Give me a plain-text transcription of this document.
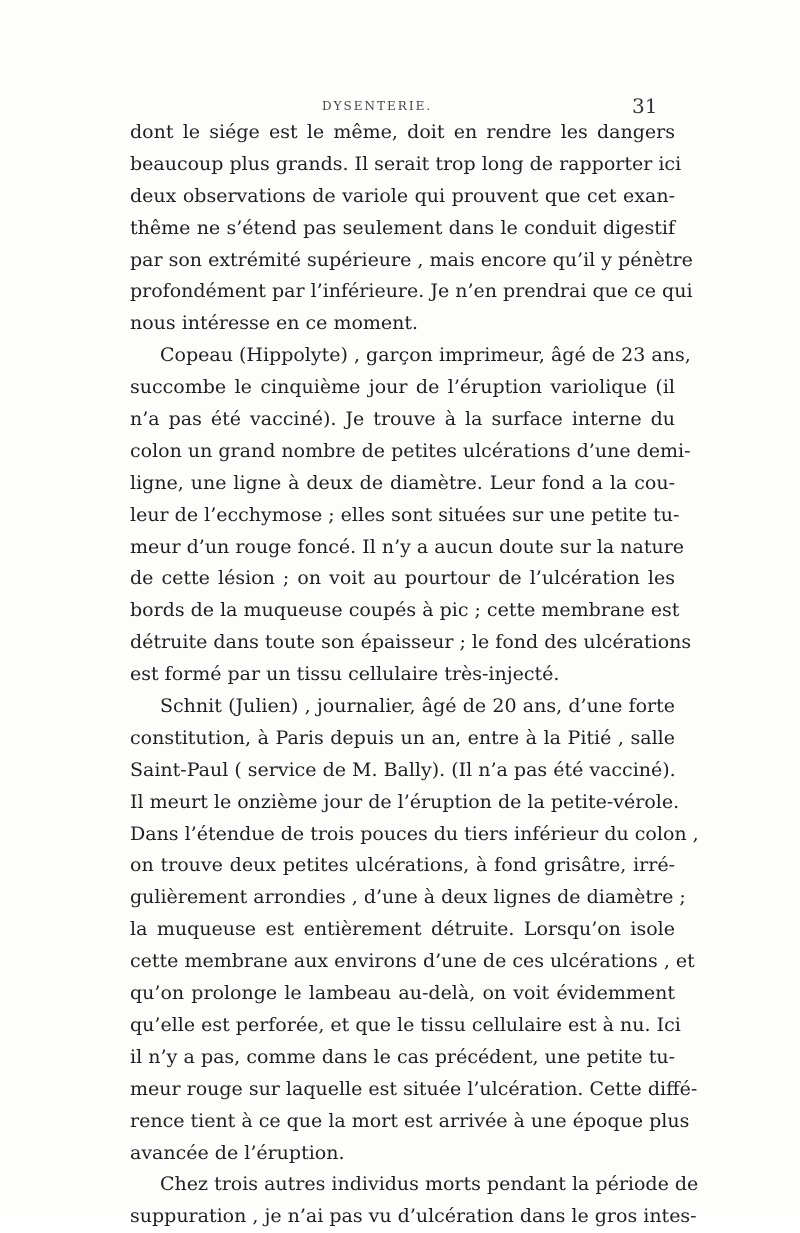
DYSENTERIE.	31
dont le siége est le même, doit en rendre les dangers
beaucoup plus grands. Il serait trop long de rapporter ici
deux observations de variole qui prouvent que cet exan-
thême ne s’étend pas seulement dans le conduit digestif
par son extrémité supérieure , mais encore qu’il y pénètre
profondément par l’inférieure. Je n’en prendrai que ce qui
nous intéresse en ce moment.
Copeau (Hippolyte) , garçon imprimeur, âgé de 23 ans,
succombe le cinquième jour de l’éruption variolique (il
n’a pas été vacciné). Je trouve à la surface interne du
colon un grand nombre de petites ulcérations d’une demi-
ligne, une ligne à deux de diamètre. Leur fond a la cou-
leur de l’ecchymose ; elles sont situées sur une petite tu-
meur d’un rouge foncé. Il n’y a aucun doute sur la nature
de cette lésion ; on voit au pourtour de l’ulcération les
bords de la muqueuse coupés à pic ; cette membrane est
détruite dans toute son épaisseur ; le fond des ulcérations
est formé par un tissu cellulaire très-injecté.
Schnit (Julien) , journalier, âgé de 20 ans, d’une forte
constitution, à Paris depuis un an, entre à la Pitié , salle
Saint-Paul ( service de M. Bally). (Il n’a pas été vacciné).
Il meurt le onzième jour de l’éruption de la petite-vérole.
Dans l’étendue de trois pouces du tiers inférieur du colon ,
on trouve deux petites ulcérations, à fond grisâtre, irré-
gulièrement arrondies , d’une à deux lignes de diamètre ;
la muqueuse est entièrement détruite. Lorsqu’on isole
cette membrane aux environs d’une de ces ulcérations , et
qu’on prolonge le lambeau au-delà, on voit évidemment
qu’elle est perforée, et que le tissu cellulaire est à nu. Ici
il n’y a pas, comme dans le cas précédent, une petite tu-
meur rouge sur laquelle est située l’ulcération. Cette diffé-
rence tient à ce que la mort est arrivée à une époque plus
avancée de l’éruption.
Chez trois autres individus morts pendant la période de
suppuration , je n’ai pas vu d’ulcération dans le gros intes-
